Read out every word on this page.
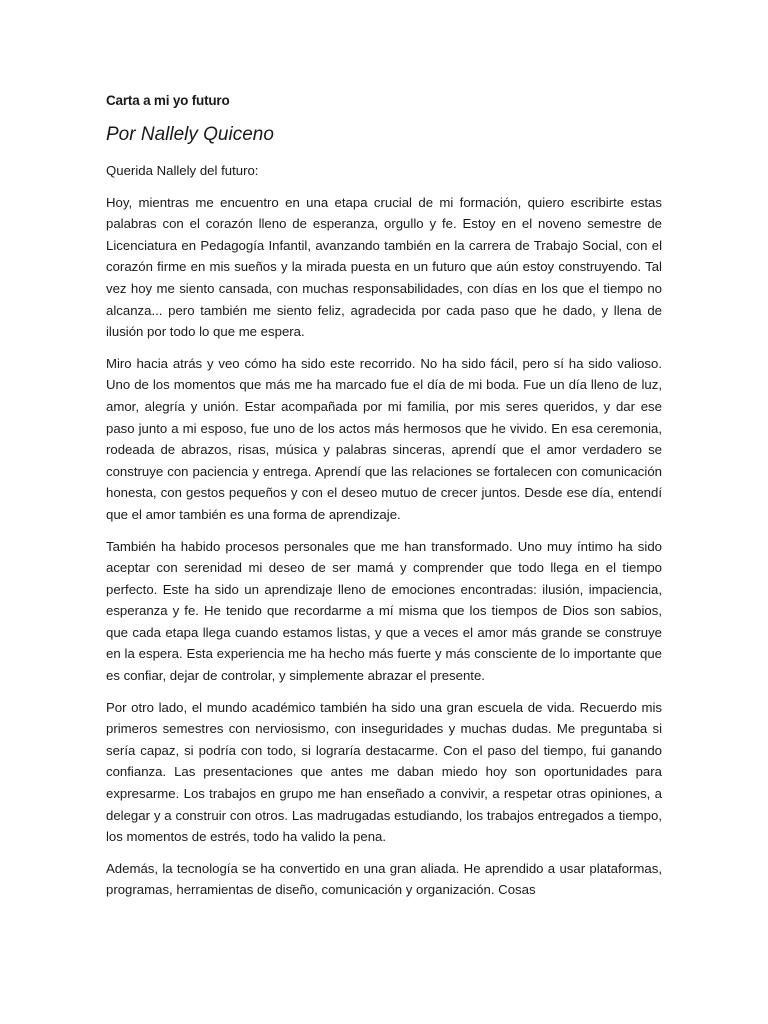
Carta a mi yo futuro
Por Nallely Quiceno

Querida Nallely del futuro:

Hoy, mientras me encuentro en una etapa crucial de mi formación, quiero escribirte estas palabras con el corazón lleno de esperanza, orgullo y fe. Estoy en el noveno semestre de Licenciatura en Pedagogía Infantil, avanzando también en la carrera de Trabajo Social, con el corazón firme en mis sueños y la mirada puesta en un futuro que aún estoy construyendo. Tal vez hoy me siento cansada, con muchas responsabilidades, con días en los que el tiempo no alcanza... pero también me siento feliz, agradecida por cada paso que he dado, y llena de ilusión por todo lo que me espera.

Miro hacia atrás y veo cómo ha sido este recorrido. No ha sido fácil, pero sí ha sido valioso. Uno de los momentos que más me ha marcado fue el día de mi boda. Fue un día lleno de luz, amor, alegría y unión. Estar acompañada por mi familia, por mis seres queridos, y dar ese paso junto a mi esposo, fue uno de los actos más hermosos que he vivido. En esa ceremonia, rodeada de abrazos, risas, música y palabras sinceras, aprendí que el amor verdadero se construye con paciencia y entrega. Aprendí que las relaciones se fortalecen con comunicación honesta, con gestos pequeños y con el deseo mutuo de crecer juntos. Desde ese día, entendí que el amor también es una forma de aprendizaje.

También ha habido procesos personales que me han transformado. Uno muy íntimo ha sido aceptar con serenidad mi deseo de ser mamá y comprender que todo llega en el tiempo perfecto. Este ha sido un aprendizaje lleno de emociones encontradas: ilusión, impaciencia, esperanza y fe. He tenido que recordarme a mí misma que los tiempos de Dios son sabios, que cada etapa llega cuando estamos listas, y que a veces el amor más grande se construye en la espera. Esta experiencia me ha hecho más fuerte y más consciente de lo importante que es confiar, dejar de controlar, y simplemente abrazar el presente.

Por otro lado, el mundo académico también ha sido una gran escuela de vida. Recuerdo mis primeros semestres con nerviosismo, con inseguridades y muchas dudas. Me preguntaba si sería capaz, si podría con todo, si lograría destacarme. Con el paso del tiempo, fui ganando confianza. Las presentaciones que antes me daban miedo hoy son oportunidades para expresarme. Los trabajos en grupo me han enseñado a convivir, a respetar otras opiniones, a delegar y a construir con otros. Las madrugadas estudiando, los trabajos entregados a tiempo, los momentos de estrés, todo ha valido la pena.

Además, la tecnología se ha convertido en una gran aliada. He aprendido a usar plataformas, programas, herramientas de diseño, comunicación y organización. Cosas
